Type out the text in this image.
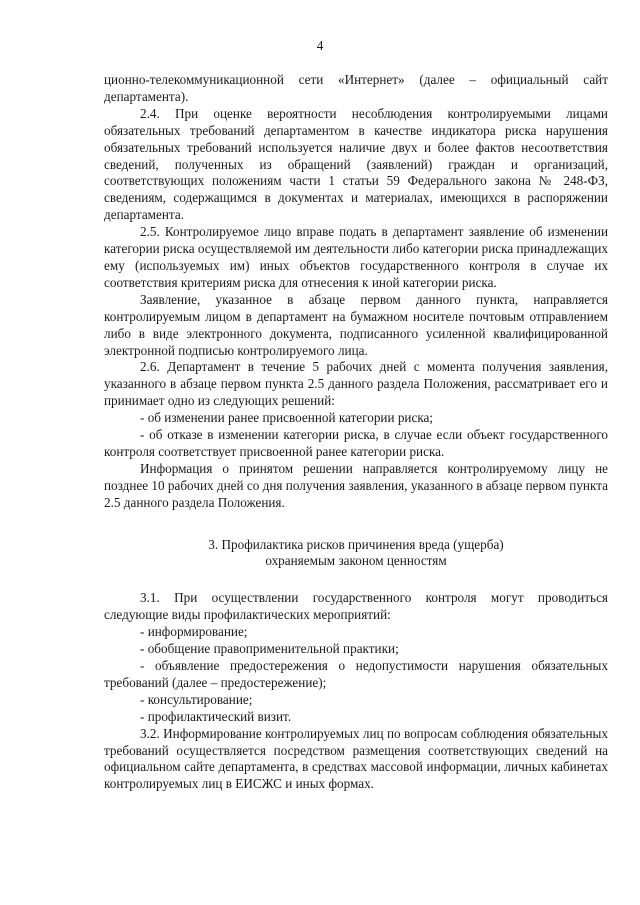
4

ционно-телекоммуникационной сети «Интернет» (далее – официальный сайт департамента).

2.4. При оценке вероятности несоблюдения контролируемыми лицами обязательных требований департаментом в качестве индикатора риска нарушения обязательных требований используется наличие двух и более фактов несоответствия сведений, полученных из обращений (заявлений) граждан и организаций, соответствующих положениям части 1 статьи 59 Федерального закона № 248-ФЗ, сведениям, содержащимся в документах и материалах, имеющихся в распоряжении департамента.

2.5. Контролируемое лицо вправе подать в департамент заявление об изменении категории риска осуществляемой им деятельности либо категории риска принадлежащих ему (используемых им) иных объектов государственного контроля в случае их соответствия критериям риска для отнесения к иной категории риска.

Заявление, указанное в абзаце первом данного пункта, направляется контролируемым лицом в департамент на бумажном носителе почтовым отправлением либо в виде электронного документа, подписанного усиленной квалифицированной электронной подписью контролируемого лица.

2.6. Департамент в течение 5 рабочих дней с момента получения заявления, указанного в абзаце первом пункта 2.5 данного раздела Положения, рассматривает его и принимает одно из следующих решений:

- об изменении ранее присвоенной категории риска;

- об отказе в изменении категории риска, в случае если объект государственного контроля соответствует присвоенной ранее категории риска.

Информация о принятом решении направляется контролируемому лицу не позднее 10 рабочих дней со дня получения заявления, указанного в абзаце первом пункта 2.5 данного раздела Положения.

3. Профилактика рисков причинения вреда (ущерба)
охраняемым законом ценностям

3.1. При осуществлении государственного контроля могут проводиться следующие виды профилактических мероприятий:

- информирование;

- обобщение правоприменительной практики;

- объявление предостережения о недопустимости нарушения обязательных требований (далее – предостережение);

- консультирование;

- профилактический визит.

3.2. Информирование контролируемых лиц по вопросам соблюдения обязательных требований осуществляется посредством размещения соответствующих сведений на официальном сайте департамента, в средствах массовой информации, личных кабинетах контролируемых лиц в ЕИСЖС и иных формах.
